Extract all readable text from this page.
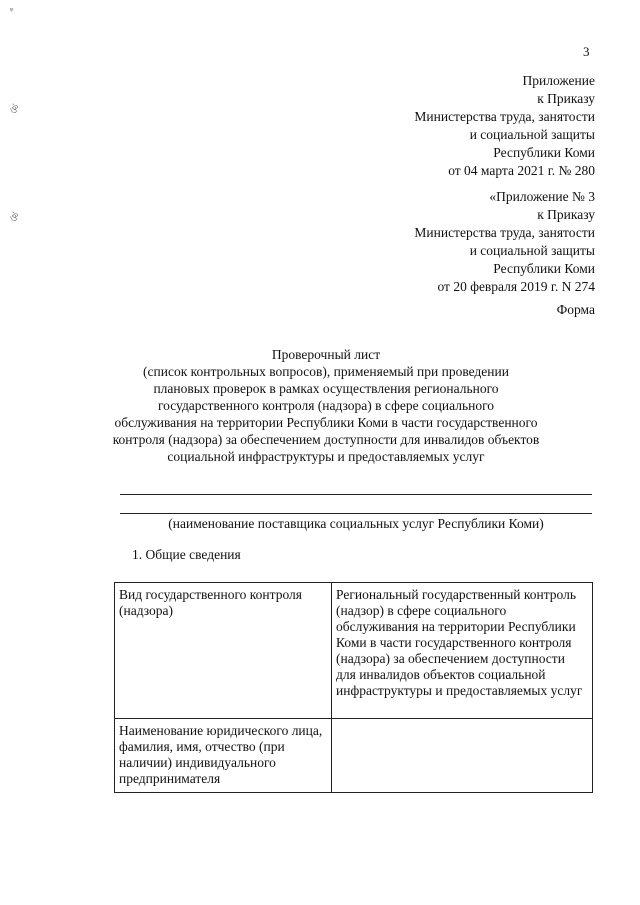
3
ᵩ
ঔ
ঔ
Приложение
к Приказу
Министерства труда, занятости
и социальной защиты
Республики Коми
от 04 марта 2021 г. № 280
«Приложение № 3
к Приказу
Министерства труда, занятости
и социальной защиты
Республики Коми
от 20 февраля 2019 г. N 274
Форма
Проверочный лист
(список контрольных вопросов), применяемый при проведении
плановых проверок в рамках осуществления регионального
государственного контроля (надзора) в сфере социального
обслуживания на территории Республики Коми в части государственного
контроля (надзора) за обеспечением доступности для инвалидов объектов
социальной инфраструктуры и предоставляемых услуг
(наименование поставщика социальных услуг Республики Коми)
1. Общие сведения
Вид государственного контроля (надзора)	Региональный государственный контроль (надзор) в сфере социального обслуживания на территории Республики Коми в части государственного контроля (надзора) за обеспечением доступности для инвалидов объектов социальной инфраструктуры и предоставляемых услуг
Наименование юридического лица, фамилия, имя, отчество (при наличии) индивидуального предпринимателя	
